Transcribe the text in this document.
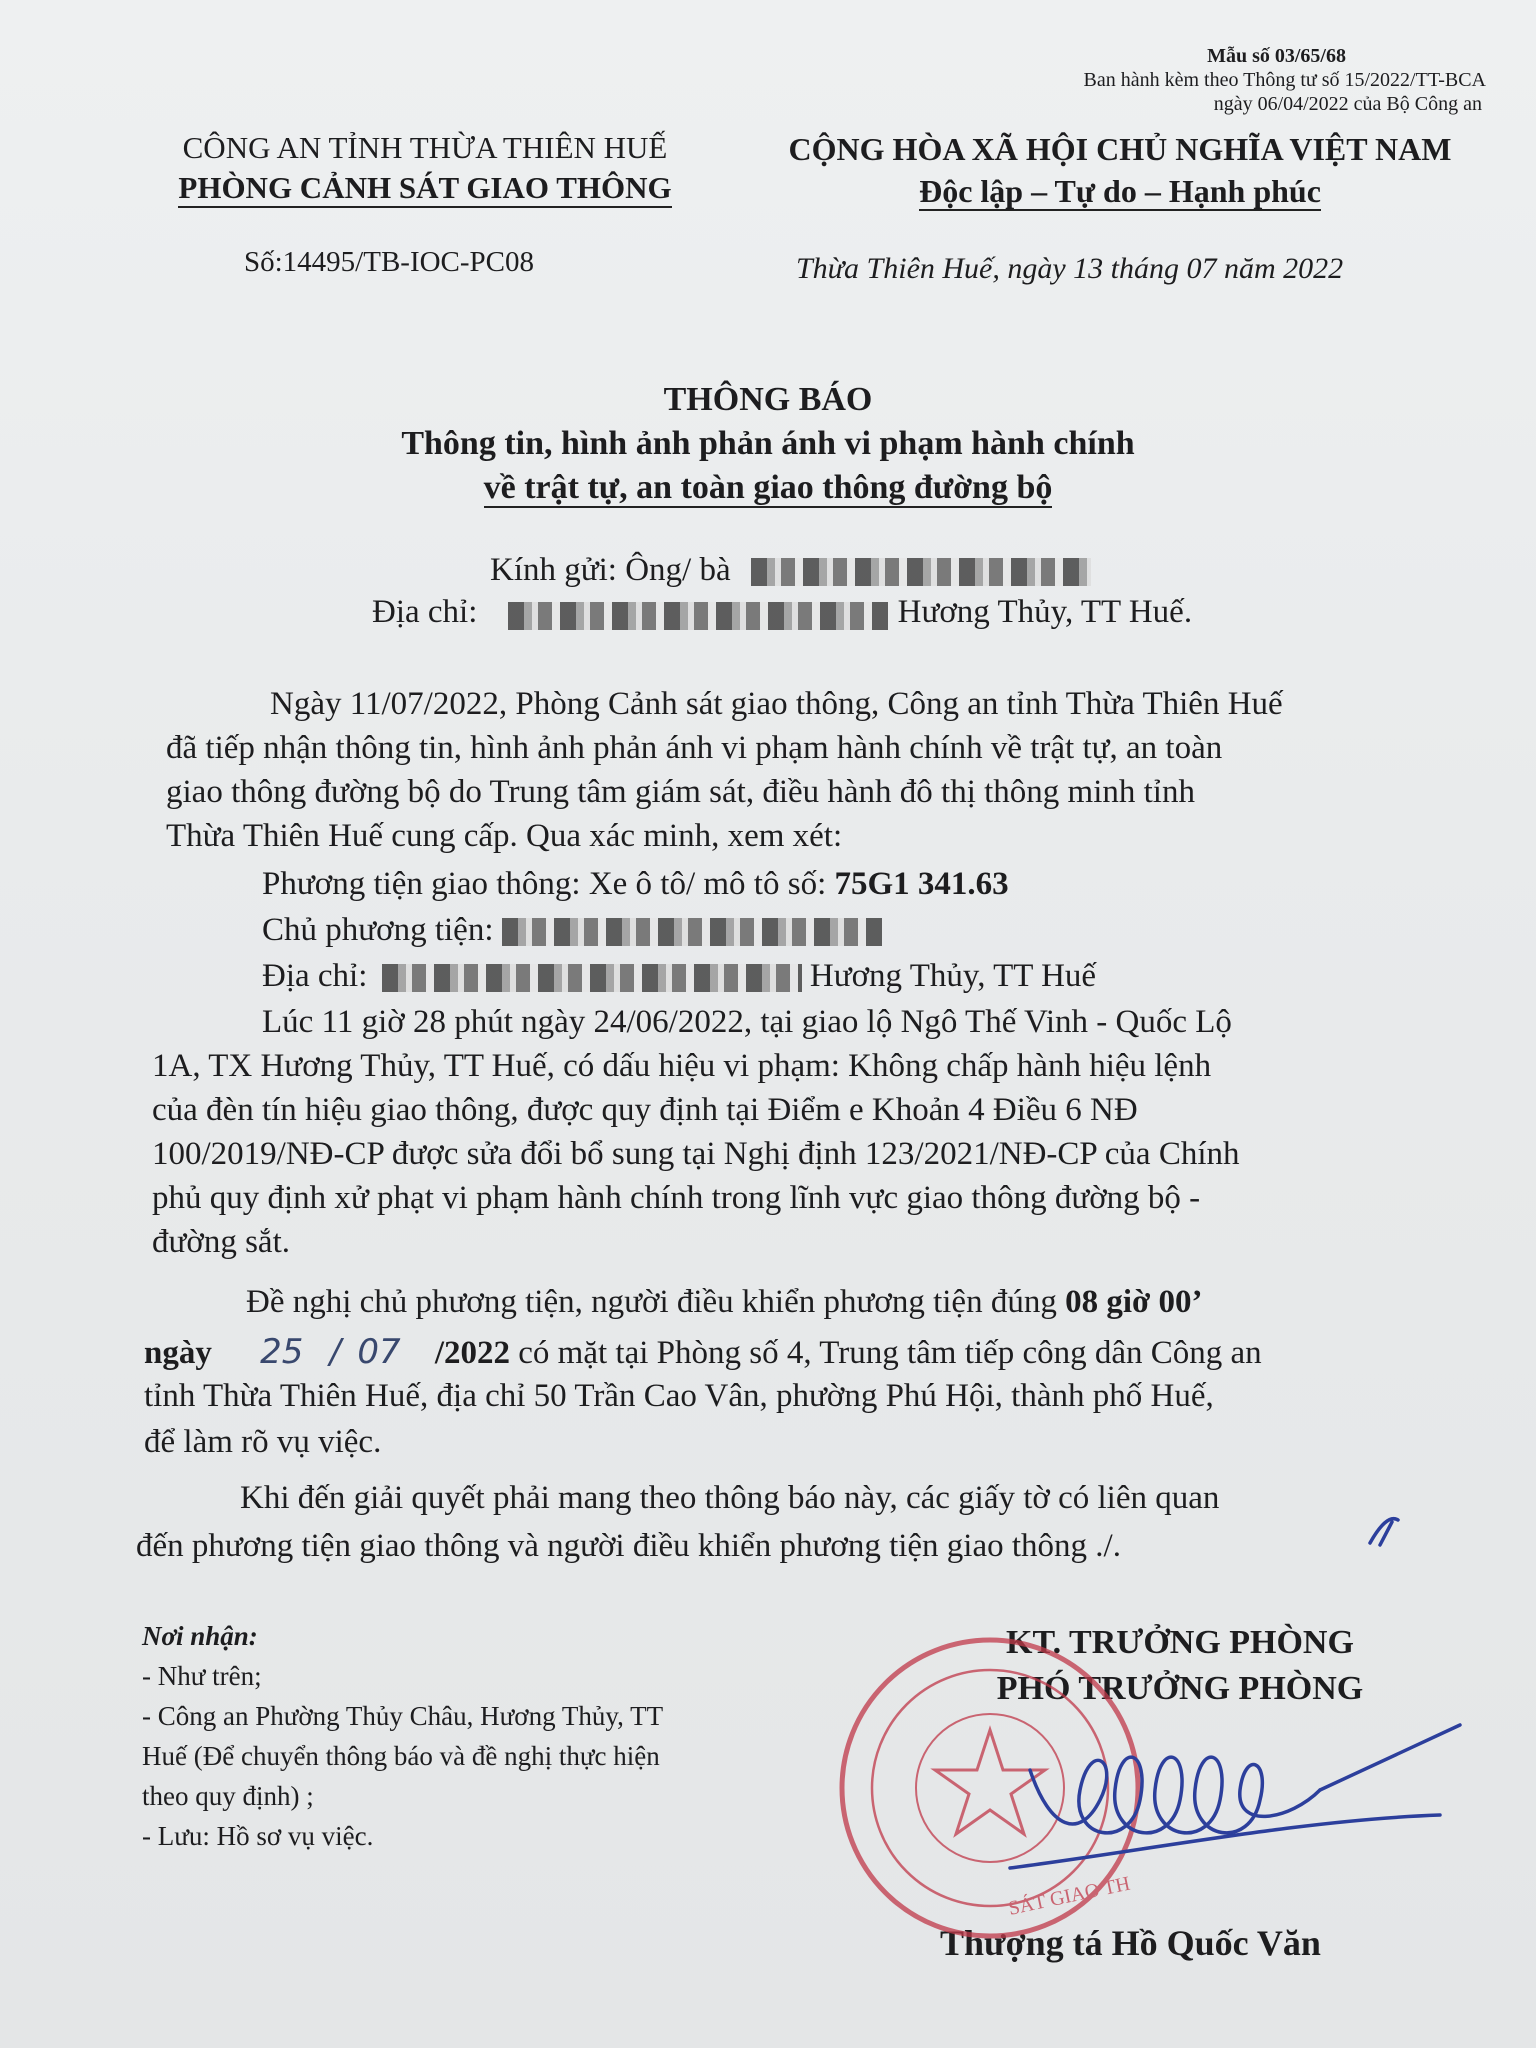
Mẫu số 03/65/68
Ban hành kèm theo Thông tư số 15/2022/TT-BCA
ngày 06/04/2022 của Bộ Công an
CÔNG AN TỈNH THỪA THIÊN HUẾ
PHÒNG CẢNH SÁT GIAO THÔNG
CỘNG HÒA XÃ HỘI CHỦ NGHĨA VIỆT NAM
Độc lập – Tự do – Hạnh phúc
Số:14495/TB-IOC-PC08	Thừa Thiên Huế, ngày 13 tháng 07 năm 2022
THÔNG BÁO
Thông tin, hình ảnh phản ánh vi phạm hành chính
về trật tự, an toàn giao thông đường bộ
Kính gửi: Ông/ bà
Địa chỉ:	Hương Thủy, TT Huế.
Ngày 11/07/2022, Phòng Cảnh sát giao thông, Công an tỉnh Thừa Thiên Huế
đã tiếp nhận thông tin, hình ảnh phản ánh vi phạm hành chính về trật tự, an toàn
giao thông đường bộ do Trung tâm giám sát, điều hành đô thị thông minh tỉnh
Thừa Thiên Huế cung cấp. Qua xác minh, xem xét:
Phương tiện giao thông: Xe ô tô/ mô tô số: 75G1 341.63
Chủ phương tiện:
Địa chỉ:	Hương Thủy, TT Huế
Lúc 11 giờ 28 phút ngày 24/06/2022, tại giao lộ Ngô Thế Vinh - Quốc Lộ
1A, TX Hương Thủy, TT Huế, có dấu hiệu vi phạm: Không chấp hành hiệu lệnh
của đèn tín hiệu giao thông, được quy định tại Điểm e Khoản 4 Điều 6 NĐ
100/2019/NĐ-CP được sửa đổi bổ sung tại Nghị định 123/2021/NĐ-CP của Chính
phủ quy định xử phạt vi phạm hành chính trong lĩnh vực giao thông đường bộ -
đường sắt.
Đề nghị chủ phương tiện, người điều khiển phương tiện đúng 08 giờ 00’
ngày 25 / 07 /2022 có mặt tại Phòng số 4, Trung tâm tiếp công dân Công an
tỉnh Thừa Thiên Huế, địa chỉ 50 Trần Cao Vân, phường Phú Hội, thành phố Huế,
để làm rõ vụ việc.
Khi đến giải quyết phải mang theo thông báo này, các giấy tờ có liên quan
đến phương tiện giao thông và người điều khiển phương tiện giao thông ./.
Nơi nhận:
- Như trên;
- Công an Phường Thủy Châu, Hương Thủy, TT
Huế (Để chuyển thông báo và đề nghị thực hiện
theo quy định) ;
- Lưu: Hồ sơ vụ việc.
KT. TRƯỞNG PHÒNG
PHÓ TRƯỞNG PHÒNG
Thượng tá Hồ Quốc Văn
SÁT GIAO TH
